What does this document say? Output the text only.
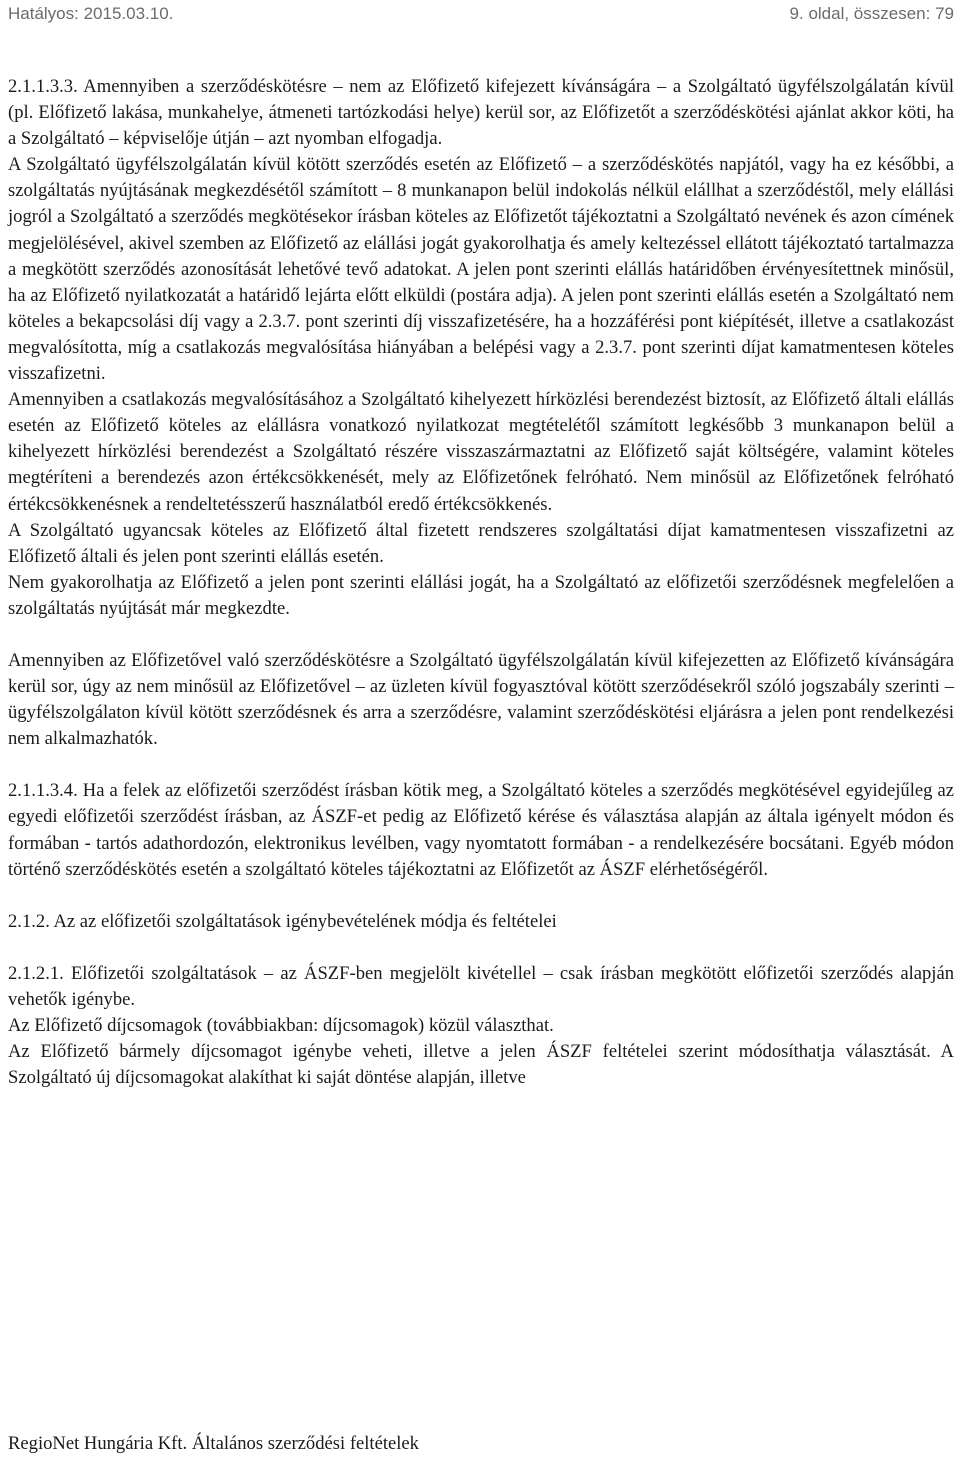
Hatályos: 2015.03.10.	9. oldal, összesen: 79

2.1.1.3.3. Amennyiben a szerződéskötésre – nem az Előfizető kifejezett kívánságára – a Szolgáltató ügyfélszolgálatán kívül (pl. Előfizető lakása, munkahelye, átmeneti tartózkodási helye) kerül sor, az Előfizetőt a szerződéskötési ajánlat akkor köti, ha a Szolgáltató – képviselője útján – azt nyomban elfogadja.

A Szolgáltató ügyfélszolgálatán kívül kötött szerződés esetén az Előfizető – a szerződéskötés napjától, vagy ha ez későbbi, a szolgáltatás nyújtásának megkezdésétől számított – 8 munkanapon belül indokolás nélkül elállhat a szerződéstől, mely elállási jogról a Szolgáltató a szerződés megkötésekor írásban köteles az Előfizetőt tájékoztatni a Szolgáltató nevének és azon címének megjelölésével, akivel szemben az Előfizető az elállási jogát gyakorolhatja és amely keltezéssel ellátott tájékoztató tartalmazza a megkötött szerződés azonosítását lehetővé tevő adatokat. A jelen pont szerinti elállás határidőben érvényesítettnek minősül, ha az Előfizető nyilatkozatát a határidő lejárta előtt elküldi (postára adja). A jelen pont szerinti elállás esetén a Szolgáltató nem köteles a bekapcsolási díj vagy a 2.3.7. pont szerinti díj visszafizetésére, ha a hozzáférési pont kiépítését, illetve a csatlakozást megvalósította, míg a csatlakozás megvalósítása hiányában a belépési vagy a 2.3.7. pont szerinti díjat kamatmentesen köteles visszafizetni.

Amennyiben a csatlakozás megvalósításához a Szolgáltató kihelyezett hírközlési berendezést biztosít, az Előfizető általi elállás esetén az Előfizető köteles az elállásra vonatkozó nyilatkozat megtételétől számított legkésőbb 3 munkanapon belül a kihelyezett hírközlési berendezést a Szolgáltató részére visszaszármaztatni az Előfizető saját költségére, valamint köteles megtéríteni a berendezés azon értékcsökkenését, mely az Előfizetőnek felróható. Nem minősül az Előfizetőnek felróható értékcsökkenésnek a rendeltetésszerű használatból eredő értékcsökkenés.

A Szolgáltató ugyancsak köteles az Előfizető által fizetett rendszeres szolgáltatási díjat kamatmentesen visszafizetni az Előfizető általi és jelen pont szerinti elállás esetén.

Nem gyakorolhatja az Előfizető a jelen pont szerinti elállási jogát, ha a Szolgáltató az előfizetői szerződésnek megfelelően a szolgáltatás nyújtását már megkezdte.

Amennyiben az Előfizetővel való szerződéskötésre a Szolgáltató ügyfélszolgálatán kívül kifejezetten az Előfizető kívánságára kerül sor, úgy az nem minősül az Előfizetővel – az üzleten kívül fogyasztóval kötött szerződésekről szóló jogszabály szerinti – ügyfélszolgálaton kívül kötött szerződésnek és arra a szerződésre, valamint szerződéskötési eljárásra a jelen pont rendelkezési nem alkalmazhatók.

2.1.1.3.4. Ha a felek az előfizetői szerződést írásban kötik meg, a Szolgáltató köteles a szerződés megkötésével egyidejűleg az egyedi előfizetői szerződést írásban, az ÁSZF-et pedig az Előfizető kérése és választása alapján az általa igényelt módon és formában - tartós adathordozón, elektronikus levélben, vagy nyomtatott formában - a rendelkezésére bocsátani. Egyéb módon történő szerződéskötés esetén a szolgáltató köteles tájékoztatni az Előfizetőt az ÁSZF elérhetőségéről.

2.1.2. Az az előfizetői szolgáltatások igénybevételének módja és feltételei

2.1.2.1. Előfizetői szolgáltatások – az ÁSZF-ben megjelölt kivétellel – csak írásban megkötött előfizetői szerződés alapján vehetők igénybe.

Az Előfizető díjcsomagok (továbbiakban: díjcsomagok) közül választhat.

Az Előfizető bármely díjcsomagot igénybe veheti, illetve a jelen ÁSZF feltételei szerint módosíthatja választását. A Szolgáltató új díjcsomagokat alakíthat ki saját döntése alapján, illetve

RegioNet Hungária Kft. Általános szerződési feltételek
